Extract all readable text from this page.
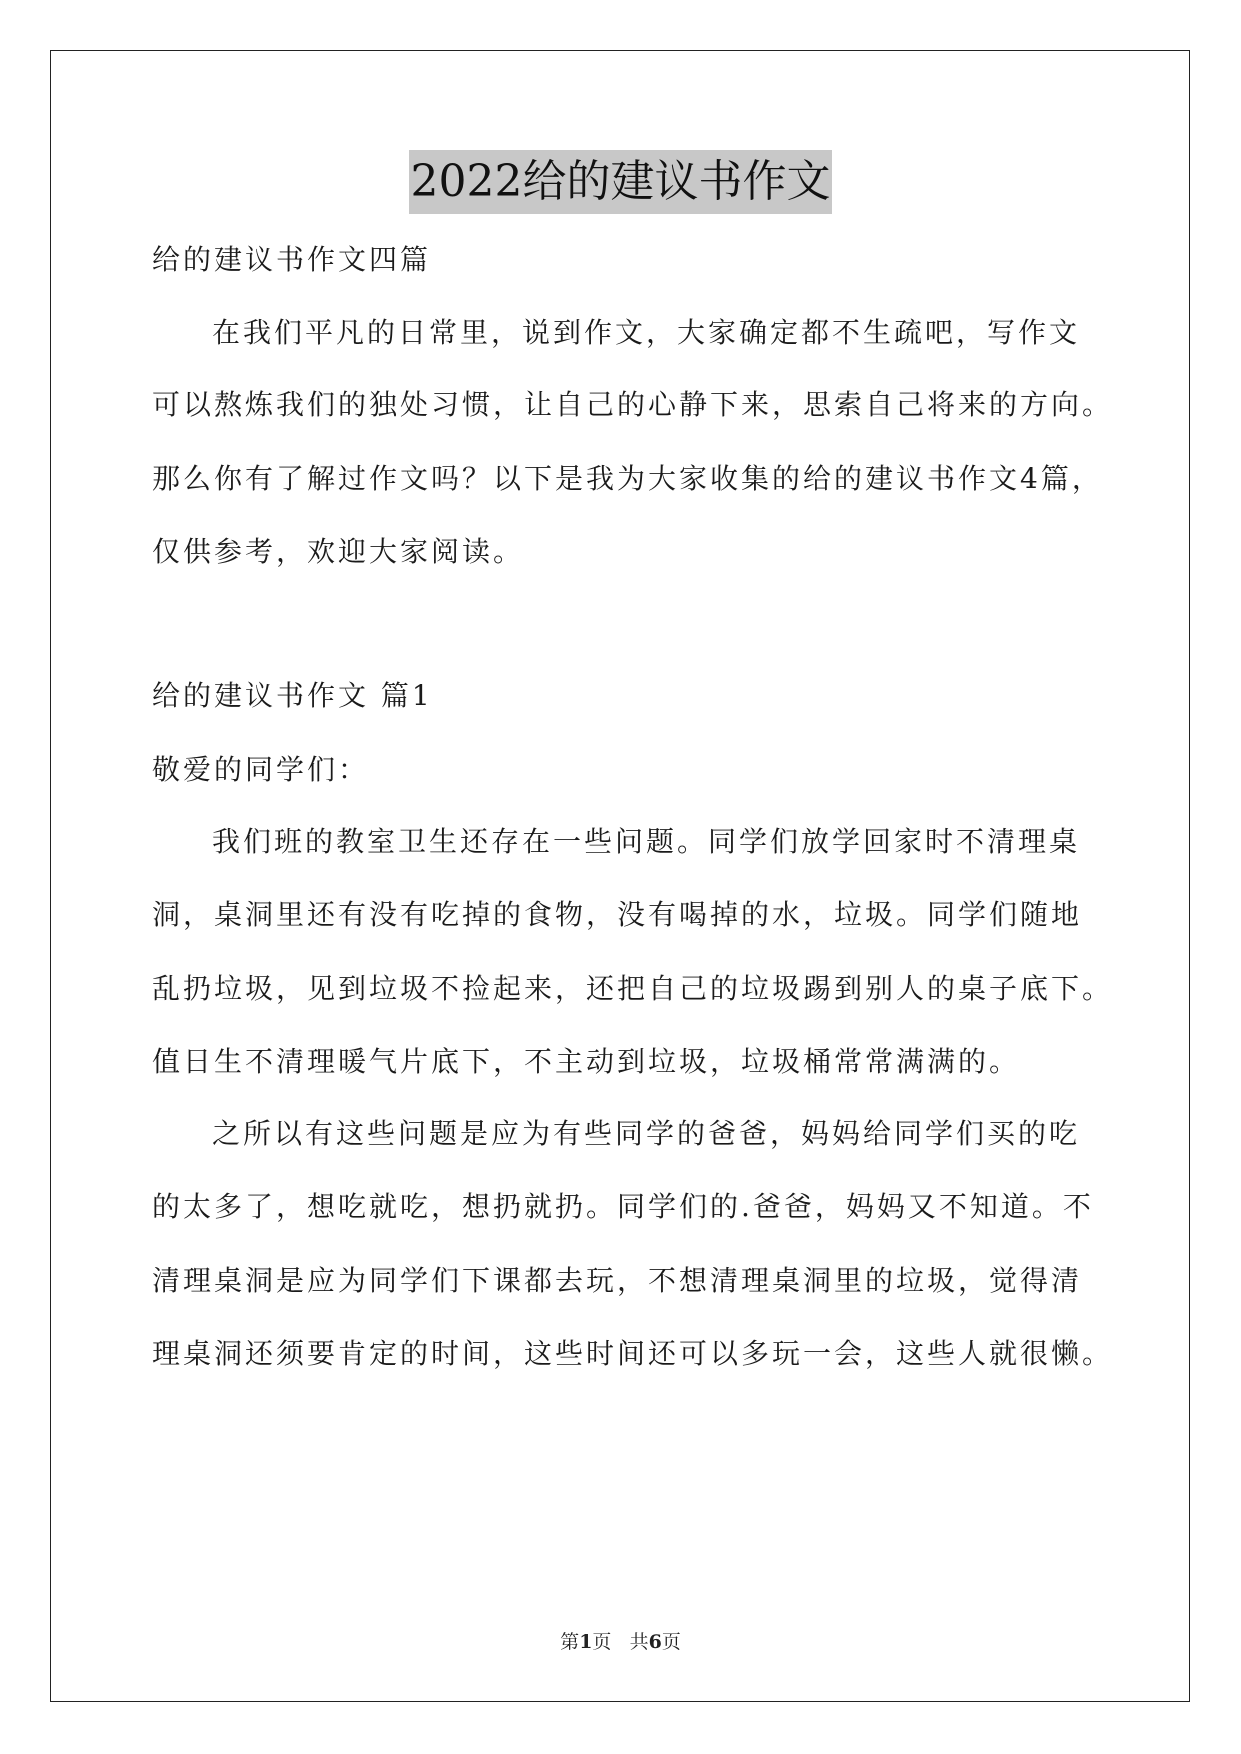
2022给的建议书作文
给的建议书作文四篇
在我们平凡的日常里，说到作文，大家确定都不生疏吧，写作文
可以熬炼我们的独处习惯，让自己的心静下来，思索自己将来的方向。
那么你有了解过作文吗？以下是我为大家收集的给的建议书作文4篇，
仅供参考，欢迎大家阅读。
给的建议书作文 篇1
敬爱的同学们：
我们班的教室卫生还存在一些问题。同学们放学回家时不清理桌
洞，桌洞里还有没有吃掉的食物，没有喝掉的水，垃圾。同学们随地
乱扔垃圾，见到垃圾不捡起来，还把自己的垃圾踢到别人的桌子底下。
值日生不清理暖气片底下，不主动到垃圾，垃圾桶常常满满的。
之所以有这些问题是应为有些同学的爸爸，妈妈给同学们买的吃
的太多了，想吃就吃，想扔就扔。同学们的.爸爸，妈妈又不知道。不
清理桌洞是应为同学们下课都去玩，不想清理桌洞里的垃圾，觉得清
理桌洞还须要肯定的时间，这些时间还可以多玩一会，这些人就很懒。
第1页 共6页
